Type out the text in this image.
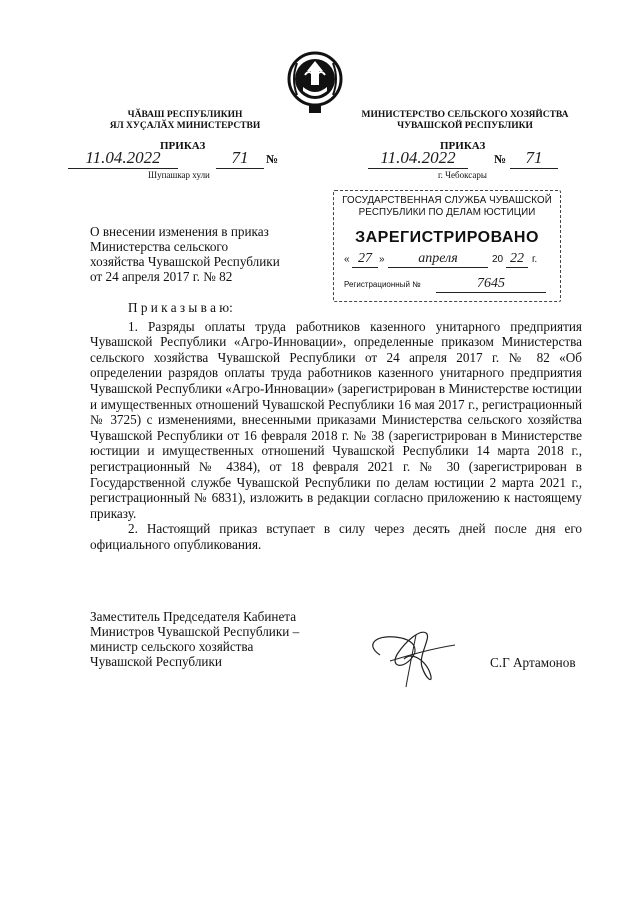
ЧӐВАШ РЕСПУБЛИКИН
ЯЛ ХУҪАЛӐХ МИНИСТЕРСТВИ
МИНИСТЕРСТВО СЕЛЬСКОГО ХОЗЯЙСТВА
ЧУВАШСКОЙ РЕСПУБЛИКИ
ПРИКАЗ
11.04.2022	71	№
Шупашкар хули
ПРИКАЗ
11.04.2022	№	71
г. Чебоксары
ГОСУДАРСТВЕННАЯ СЛУЖБА ЧУВАШСКОЙ
РЕСПУБЛИКИ ПО ДЕЛАМ ЮСТИЦИИ
ЗАРЕГИСТРИРОВАНО
« 27 »	апреля	20 22 г.
Регистрационный №	7645
О внесении изменения в приказ
Министерства сельского
хозяйства Чувашской Республики
от 24 апреля 2017 г. № 82

П р и к а з ы в а ю:

1. Разряды оплаты труда работников казенного унитарного предприятия Чувашской Республики «Агро-Инновации», определенные приказом Министерства сельского хозяйства Чувашской Республики от 24 апреля 2017 г. № 82 «Об определении разрядов оплаты труда работников казенного унитарного предприятия Чувашской Республики «Агро-Инновации» (зарегистрирован в Министерстве юстиции и имущественных отношений Чувашской Республики 16 мая 2017 г., регистрационный № 3725) с изменениями, внесенными приказами Министерства сельского хозяйства Чувашской Республики от 16 февраля 2018 г. № 38 (зарегистрирован в Министерстве юстиции и имущественных отношений Чувашской Республики 14 марта 2018 г., регистрационный № 4384), от 18 февраля 2021 г. № 30 (зарегистрирован в Государственной службе Чувашской Республики по делам юстиции 2 марта 2021 г., регистрационный № 6831), изложить в редакции согласно приложению к настоящему приказу.

2. Настоящий приказ вступает в силу через десять дней после дня его официального опубликования.

Заместитель Председателя Кабинета
Министров Чувашской Республики –
министр сельского хозяйства
Чувашской Республики	С.Г Артамонов
